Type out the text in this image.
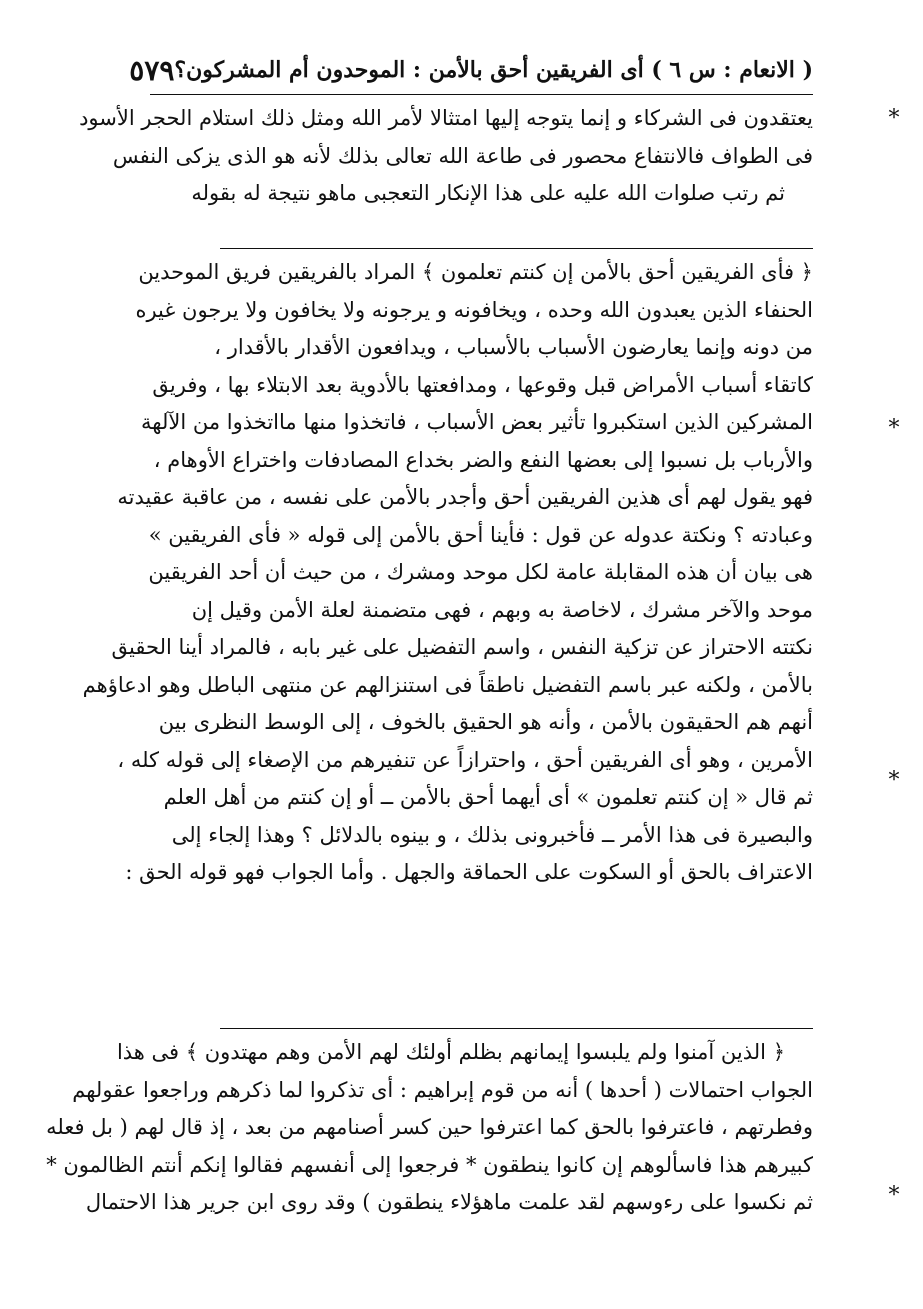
( الانعام : س ٦ ) أى الفريقين أحق بالأمن : الموحدون أم المشركون؟
٥٧٩
يعتقدون فى الشركاء و إنما يتوجه إليها امتثالا لأمر الله ومثل ذلك استلام الحجر الأسود
فى الطواف فالانتفاع محصور فى طاعة الله تعالى بذلك لأنه هو الذى يزكى النفس
ثم رتب صلوات الله عليه على هذا الإنكار التعجبى ماهو نتيجة له بقوله
﴿ فأى الفريقين أحق بالأمن إن كنتم تعلمون ﴾ المراد بالفريقين فريق الموحدين
الحنفاء الذين يعبدون الله وحده ، ويخافونه و يرجونه ولا يخافون ولا يرجون غيره
من دونه وإنما يعارضون الأسباب بالأسباب ، ويدافعون الأقدار بالأقدار ،
كاتقاء أسباب الأمراض قبل وقوعها ، ومدافعتها بالأدوية بعد الابتلاء بها ، وفريق
المشركين الذين استكبروا تأثير بعض الأسباب ، فاتخذوا منها مااتخذوا من الآلهة
والأرباب بل نسبوا إلى بعضها النفع والضر بخداع المصادفات واختراع الأوهام ،
فهو يقول لهم أى هذين الفريقين أحق وأجدر بالأمن على نفسه ، من عاقبة عقيدته
وعبادته ؟ ونكتة عدوله عن قول : فأينا أحق بالأمن إلى قوله « فأى الفريقين »
هى بيان أن هذه المقابلة عامة لكل موحد ومشرك ، من حيث أن أحد الفريقين
موحد والآخر مشرك ، لاخاصة به وبهم ، فهى متضمنة لعلة الأمن وقيل إن
نكتته الاحتراز عن تزكية النفس ، واسم التفضيل على غير بابه ، فالمراد أينا الحقيق
بالأمن ، ولكنه عبر باسم التفضيل ناطقاً فى استنزالهم عن منتهى الباطل وهو ادعاؤهم
أنهم هم الحقيقون بالأمن ، وأنه هو الحقيق بالخوف ، إلى الوسط النظرى بين
الأمرين ، وهو أى الفريقين أحق ، واحترازاً عن تنفيرهم من الإصغاء إلى قوله كله ،
ثم قال « إن كنتم تعلمون » أى أيهما أحق بالأمن ــ أو إن كنتم من أهل العلم
والبصيرة فى هذا الأمر ــ فأخبرونى بذلك ، و بينوه بالدلائل ؟ وهذا إلجاء إلى
الاعتراف بالحق أو السكوت على الحماقة والجهل . وأما الجواب فهو قوله الحق :
﴿ الذين آمنوا ولم يلبسوا إيمانهم بظلم أولئك لهم الأمن وهم مهتدون ﴾ فى هذا
الجواب احتمالات ( أحدها ) أنه من قوم إبراهيم : أى تذكروا لما ذكرهم وراجعوا عقولهم
وفطرتهم ، فاعترفوا بالحق كما اعترفوا حين كسر أصنامهم من بعد ، إذ قال لهم ( بل فعله
كبيرهم هذا فاسألوهم إن كانوا ينطقون * فرجعوا إلى أنفسهم فقالوا إنكم أنتم الظالمون *
ثم نكسوا على رءوسهم لقد علمت ماهؤلاء ينطقون ) وقد روى ابن جرير هذا الاحتمال
*
*
*
*
